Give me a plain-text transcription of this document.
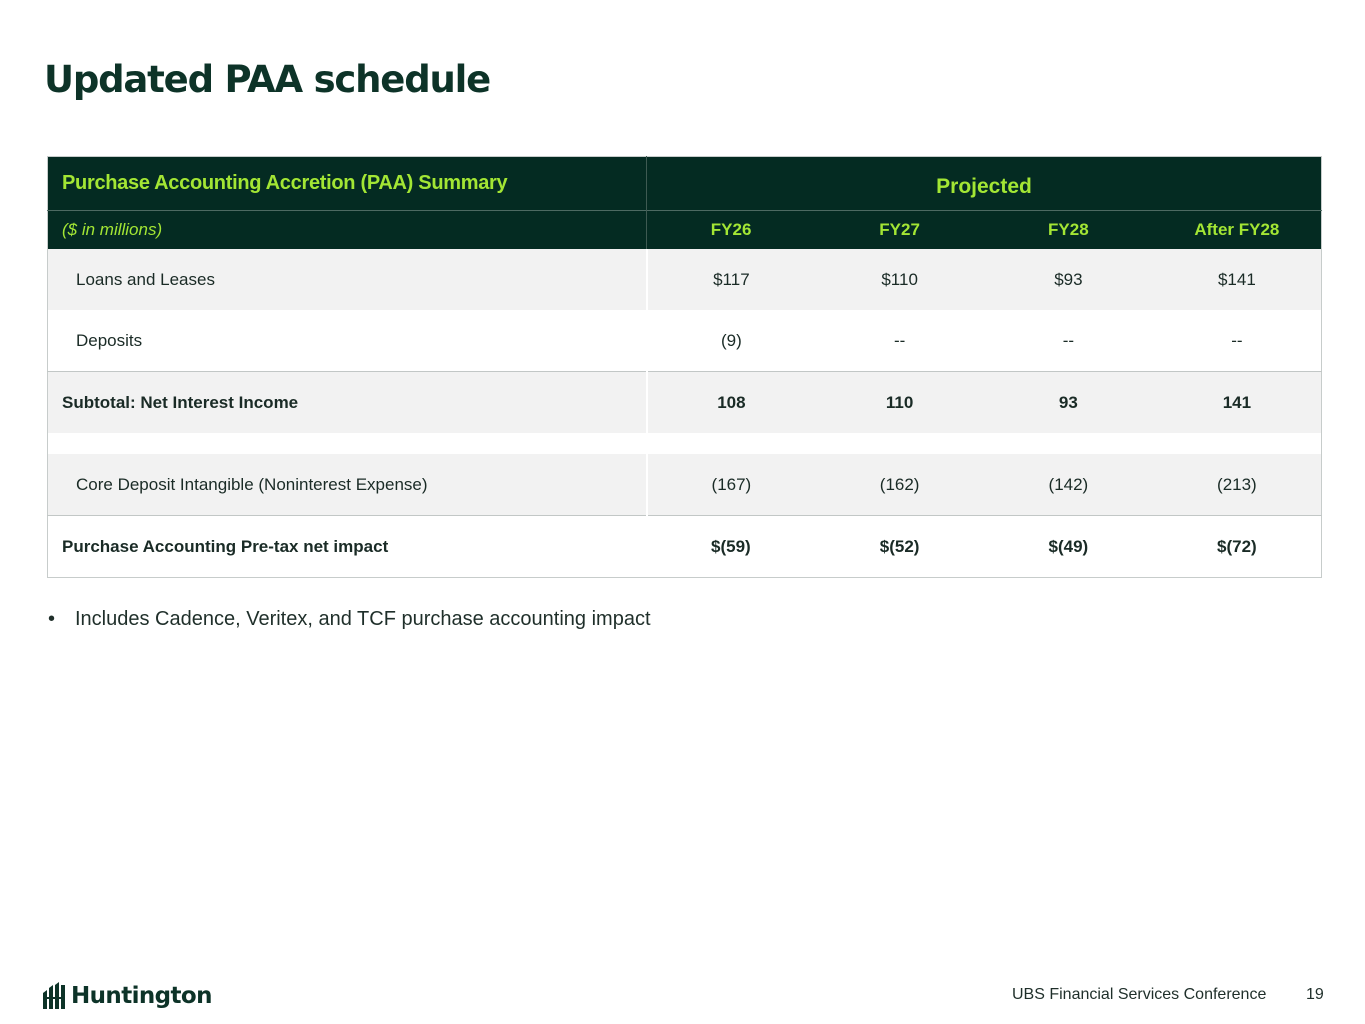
Updated PAA schedule
Purchase Accounting Accretion (PAA) Summary	Projected			
($ in millions)	FY26	FY27	FY28	After FY28
Loans and Leases	$117	$110	$93	$141
Deposits	(9)	--	--	--
Subtotal: Net Interest Income	108	110	93	141

Core Deposit Intangible (Noninterest Expense)	(167)	(162)	(142)	(213)
Purchase Accounting Pre-tax net impact	$(59)	$(52)	$(49)	$(72)
• Includes Cadence, Veritex, and TCF purchase accounting impact
Huntington	UBS Financial Services Conference 19
